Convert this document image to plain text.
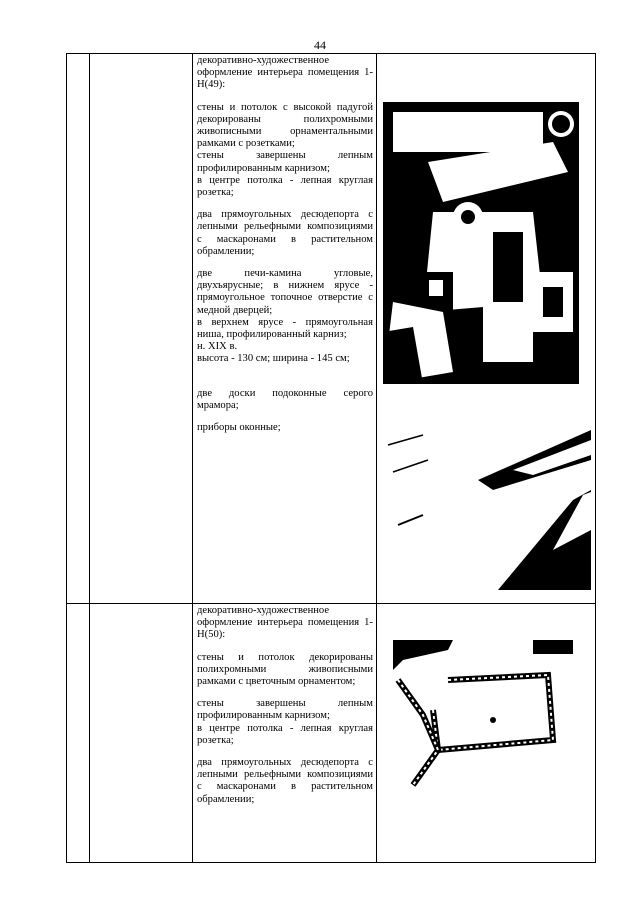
44

декоративно-художественное оформление интерьера помещения 1-Н(49):

стены и потолок с высокой падугой декорированы полихромными живописными орнаментальными рамками с розетками;

стены завершены лепным профилированным карнизом;

в центре потолка - лепная круглая розетка;

два прямоугольных десюдепорта с лепными рельефными композициями с маскаронами в растительном обрамлении;

две печи-камина угловые, двухъярусные; в нижнем ярусе - прямоугольное топочное отверстие с медной дверцей;

в верхнем ярусе - прямоугольная ниша, профилированный карниз;

н. XIX в.

высота - 130 см; ширина - 145 см;

две доски подоконные серого мрамора;

приборы оконные;

декоративно-художественное оформление интерьера помещения 1-Н(50):

стены и потолок декорированы полихромными живописными рамками с цветочным орнаментом;

стены завершены лепным профилированным карнизом;

в центре потолка - лепная круглая розетка;

два прямоугольных десюдепорта с лепными рельефными композициями с маскаронами в растительном обрамлении;
